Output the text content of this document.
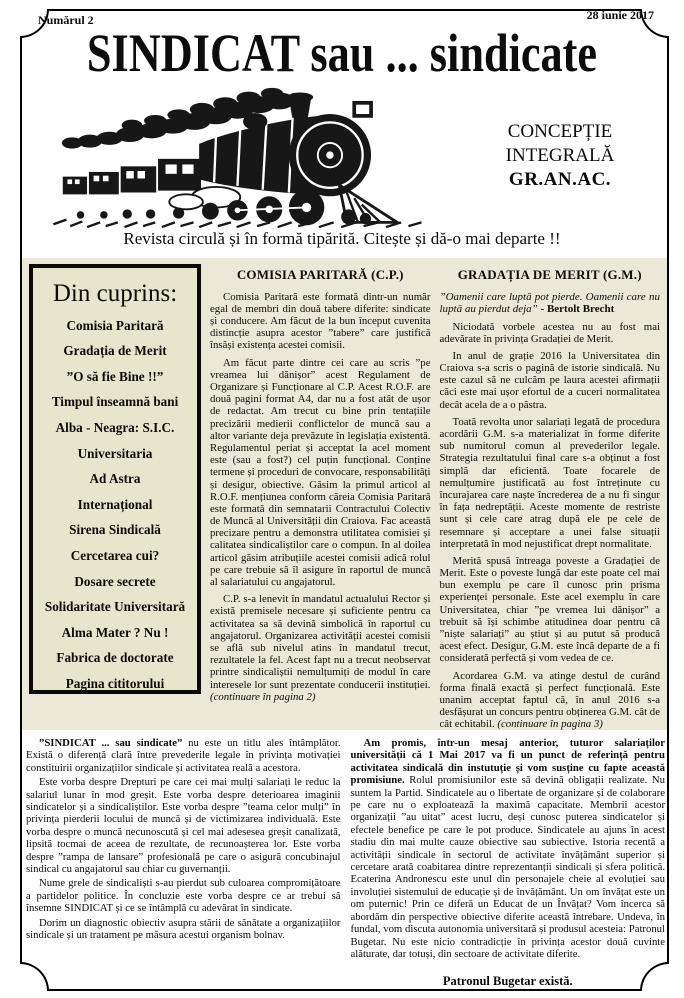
Numărul 2	28 iunie 2017
SINDICAT sau ... sindicate
CONCEPȚIE
INTEGRALĂ
GR.AN.AC.
Revista circulă și în formă tipărită. Citește și dă-o mai departe !!
Din cuprins:
Comisia Paritară
Gradația de Merit
”O să fie Bine !!”
Timpul înseamnă bani
Alba - Neagra: S.I.C.
Universitaria
Ad Astra
Internațional
Sirena Sindicală
Cercetarea cui?
Dosare secrete
Solidaritate Universitară
Alma Mater ? Nu !
Fabrica de doctorate
Pagina cititorului
COMISIA PARITARĂ (C.P.)

Comisia Paritară este formată dintr-un număr egal de membri din două tabere diferite: sindicate și conducere. Am făcut de la bun început cuvenita distincție asupra acestor ”tabere” care justifică însăși existența acestei comisii.

Am făcut parte dintre cei care au scris ”pe vreamea lui dănișor” acest Regulament de Organizare și Funcționare al C.P. Acest R.O.F. are două pagini format A4, dar nu a fost atât de ușor de redactat. Am trecut cu bine prin tentațiile precizării medierii conflictelor de muncă sau a altor variante deja prevăzute în legislația existentă. Regulamentul periat și acceptat la acel moment este (sau a fost?) cel puțin funcțional. Conține termene și proceduri de convocare, responsabilități și desigur, obiective. Găsim la primul articol al R.O.F. mențiunea conform căreia Comisia Paritară este formată din semnatarii Contractului Colectiv de Muncă al Universității din Craiova. Fac această precizare pentru a demonstra utilitatea comisiei și calitatea sindicaliștilor care o compun. In al doilea articol găsim atribuțiile acestei comisii adică rolul pe care trebuie să îl asigure în raportul de muncă al salariatului cu angajatorul.

C.P. s-a lenevit în mandatul actualului Rector și există premisele necesare și suficiente pentru ca activitatea sa să devină simbolică în raportul cu angajatorul. Organizarea activității acestei comisii se află sub nivelul atins în mandatul trecut, rezultatele la fel. Acest fapt nu a trecut neobservat printre sindicaliștii nemulțumiți de modul în care interesele lor sunt prezentate conducerii instituției. (continuare în pagina 2)

GRADAȚIA DE MERIT (G.M.)

”Oamenii care luptă pot pierde. Oamenii care nu luptă au pierdut deja” - Bertolt Brecht

Niciodată vorbele acestea nu au fost mai adevărate în privința Gradației de Merit.

In anul de grație 2016 la Universitatea din Craiova s-a scris o pagină de istorie sindicală. Nu este cazul să ne culcăm pe laura acestei afirmații căci este mai ușor efortul de a cuceri normalitatea decât acela de a o păstra.

Toată revolta unor salariați legată de procedura acordării G.M. s-a materializat în forme diferite sub numitorul comun al prevederilor legale. Strategia rezultatului final care s-a obținut a fost simplă dar eficientă. Toate focarele de nemulțumire justificată au fost întreținute cu încurajarea care naște încrederea de a nu fi singur în fața nedreptății. Aceste momente de restriste sunt și cele care atrag după ele pe cele de resemnare și acceptare a unei false situații interpretată în mod nejustificat drept normalitate.

Merită spusă întreaga poveste a Gradației de Merit. Este o poveste lungă dar este poate cel mai bun exemplu pe care îl cunosc prin prisma experienței personale. Este acel exemplu în care Universitatea, chiar ”pe vremea lui dănișor” a trebuit să își schimbe atitudinea doar pentru că ”niște salariați” au știut și au putut să producă acest efect. Desigur, G.M. este încă departe de a fi considerată perfectă și vom vedea de ce.

Acordarea G.M. va atinge destul de curând forma finală exactă și perfect funcțională. Este unanim acceptat faptul că, în anul 2016 s-a desfășurat un concurs pentru obținerea G.M. cât de cât echitabil. (continuare în pagina 3)

”SINDICAT ... sau sindicate” nu este un titlu ales întâmplător. Există o diferență clară între prevederile legale în privința motivației constituirii organizațiilor sindicale și activitatea reală a acestora.

Este vorba despre Drepturi pe care cei mai mulți salariați le reduc la salariul lunar în mod greșit. Este vorba despre deterioarea imaginii sindicatelor și a sindicaliștilor. Este vorba despre ”teama celor mulți” în privința pierderii locului de muncă și de victimizarea individuală. Este vorba despre o muncă necunoscută și cel mai adesesea greșit canalizată, lipsită tocmai de aceea de rezultate, de recunoașterea lor. Este vorba despre ”rampa de lansare” profesională pe care o asigură concubinajul sindical cu angajatorul sau chiar cu guvernanții.

Nume grele de sindicaliști s-au pierdut sub culoarea compromițătoare a partidelor politice. În concluzie este vorba despre ce ar trebui să însemne SINDICAT și ce se întâmplă cu adevărat în sindicate.

Dorim un diagnostic obiectiv asupra stării de sănătate a organizațiilor sindicale și un tratament pe măsura acestui organism bolnav.

Am promis, într-un mesaj anterior, tuturor salariaților universității că 1 Mai 2017 va fi un punct de referință pentru activitatea sindicală din instutuție și vom susține cu fapte această promisiune. Rolul promisiunilor este să devină obligații realizate. Nu suntem la Partid. Sindicatele au o libertate de organizare și de colaborare pe care nu o exploatează la maximă capacitate. Membrii acestor organizații ”au uitat” acest lucru, deși cunosc puterea sindicatelor și efectele benefice pe care le pot produce. Sindicatele au ajuns în acest stadiu din mai multe cauze obiective sau subiective. Istoria recentă a activității sindicale în sectorul de activitate învățământ superior și cercetare arată coabitarea dintre reprezentanții sindicali și sfera politică. Ecaterina Andronescu este unul din personajele cheie al evoluției sau involuției sistemului de educație și de învățământ. Un om învățat este un om puternic! Prin ce diferă un Educat de un Învățat? Vom încerca să abordăm din perspective obiective diferite această întrebare. Undeva, în fundal, vom discuta autonomia universitară și produsul acesteia: Patronul Bugetar. Nu este nicio contradicție în privința acestor două cuvinte alăturate, dar totuși, din sectoare de activitate diferite.

Patronul Bugetar există.
